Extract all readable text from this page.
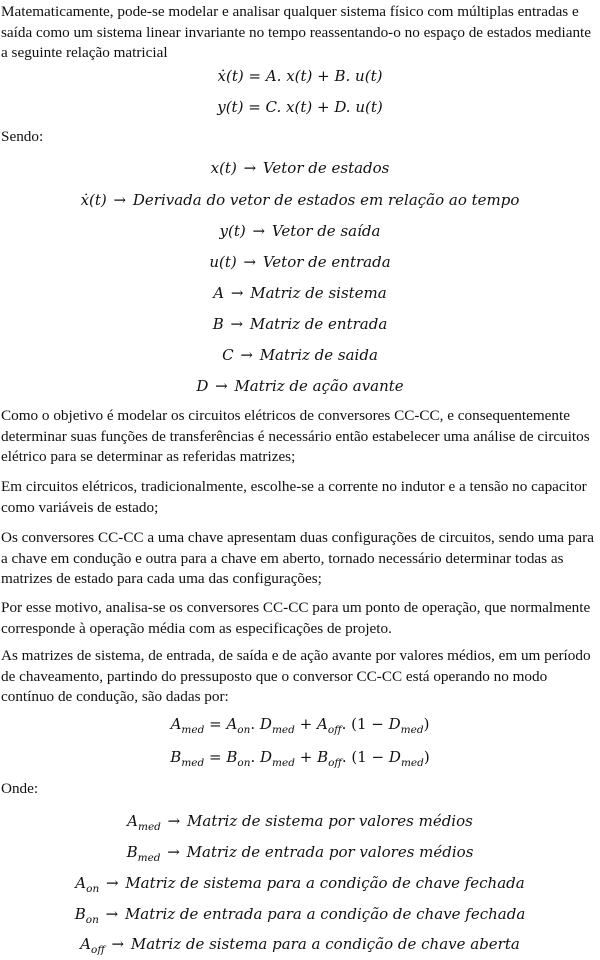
Matematicamente, pode-se modelar e analisar qualquer sistema físico com múltiplas entradas e saída como um sistema linear invariante no tempo reassentando-o no espaço de estados mediante a seguinte relação matricial

ẋ(t) = A. x(t) + B. u(t)
y(t) = C. x(t) + D. u(t)

Sendo:

x(t) → Vetor de estados
ẋ(t) → Derivada do vetor de estados em relação ao tempo
y(t) → Vetor de saída
u(t) → Vetor de entrada
A → Matriz de sistema
B → Matriz de entrada
C → Matriz de saida
D → Matriz de ação avante

Como o objetivo é modelar os circuitos elétricos de conversores CC-CC, e consequentemente determinar suas funções de transferências é necessário então estabelecer uma análise de circuitos elétrico para se determinar as referidas matrizes;

Em circuitos elétricos, tradicionalmente, escolhe-se a corrente no indutor e a tensão no capacitor como variáveis de estado;

Os conversores CC-CC a uma chave apresentam duas configurações de circuitos, sendo uma para a chave em condução e outra para a chave em aberto, tornado necessário determinar todas as matrizes de estado para cada uma das configurações;

Por esse motivo, analisa-se os conversores CC-CC para um ponto de operação, que normalmente corresponde à operação média com as especificações de projeto.

As matrizes de sistema, de entrada, de saída e de ação avante por valores médios, em um período de chaveamento, partindo do pressuposto que o conversor CC-CC está operando no modo contínuo de condução, são dadas por:

$A_{med} = A_{on}$. $D_{med} + A_{off}$. $(1 - D_{med})$
$B_{med} = B_{on}$. $D_{med} + B_{off}$. $(1 - D_{med})$

Onde:

$A_{med}$ → Matriz de sistema por valores médios
$B_{med}$ → Matriz de entrada por valores médios
$A_{on}$ → Matriz de sistema para a condição de chave fechada
$B_{on}$ → Matriz de entrada para a condição de chave fechada
$A_{off}$ → Matriz de sistema para a condição de chave aberta
